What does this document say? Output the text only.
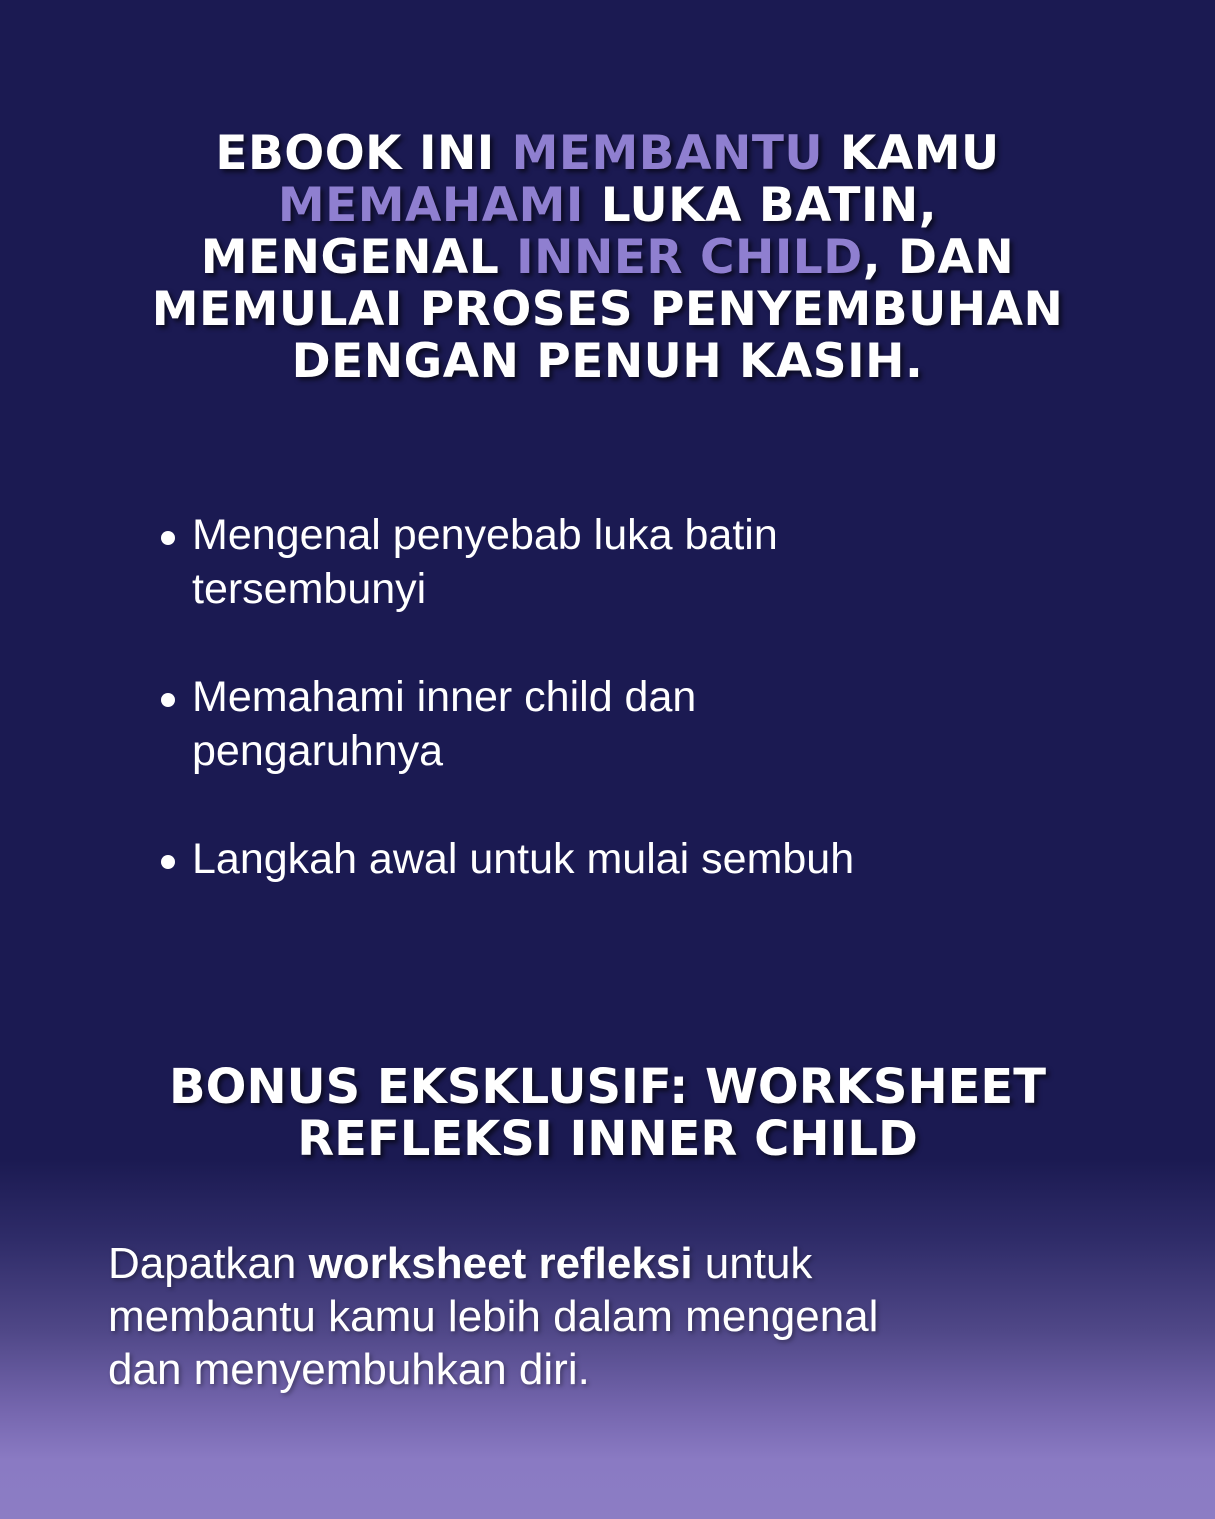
EBOOK INI MEMBANTU KAMU
MEMAHAMI LUKA BATIN,
MENGENAL INNER CHILD, DAN
MEMULAI PROSES PENYEMBUHAN
DENGAN PENUH KASIH.
Mengenal penyebab luka batin
tersembunyi
Memahami inner child dan
pengaruhnya
Langkah awal untuk mulai sembuh
BONUS EKSKLUSIF: WORKSHEET
REFLEKSI INNER CHILD
Dapatkan worksheet refleksi untuk
membantu kamu lebih dalam mengenal
dan menyembuhkan diri.
